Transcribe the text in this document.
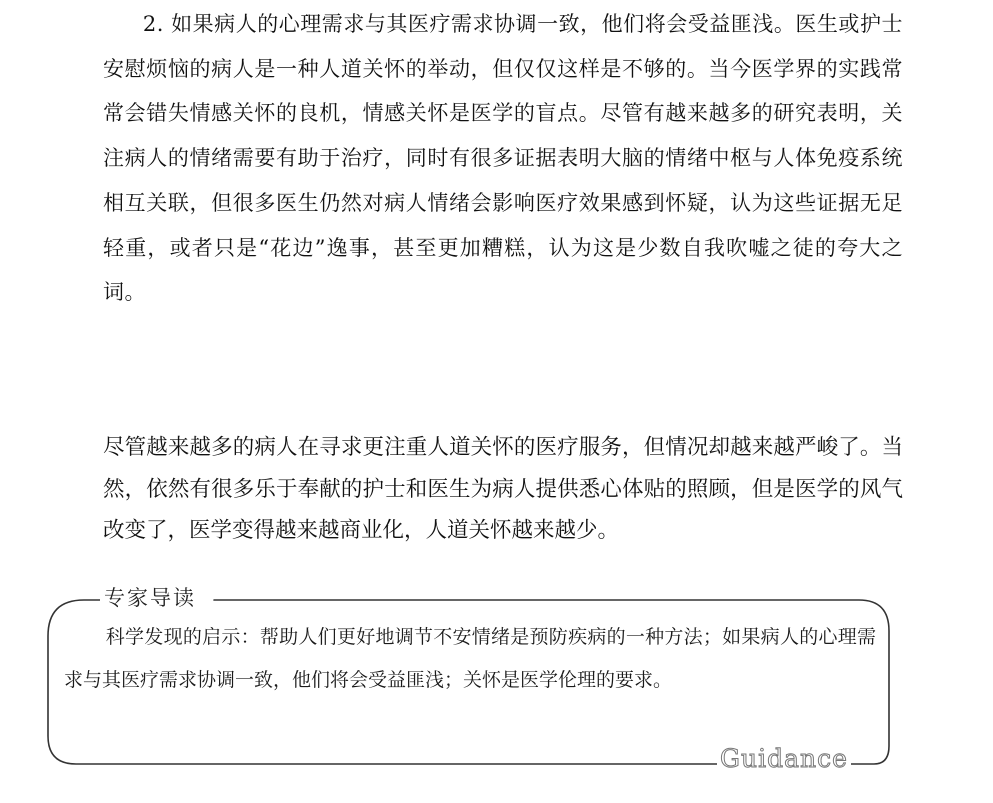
2. 如果病人的心理需求与其医疗需求协调一致，他们将会受益匪浅。医生或护士安慰烦恼的病人是一种人道关怀的举动，但仅仅这样是不够的。当今医学界的实践常常会错失情感关怀的良机，情感关怀是医学的盲点。尽管有越来越多的研究表明，关注病人的情绪需要有助于治疗，同时有很多证据表明大脑的情绪中枢与人体免疫系统相互关联，但很多医生仍然对病人情绪会影响医疗效果感到怀疑，认为这些证据无足轻重，或者只是“花边”逸事，甚至更加糟糕，认为这是少数自我吹嘘之徒的夸大之词。

尽管越来越多的病人在寻求更注重人道关怀的医疗服务，但情况却越来越严峻了。当然，依然有很多乐于奉献的护士和医生为病人提供悉心体贴的照顾，但是医学的风气改变了，医学变得越来越商业化，人道关怀越来越少。

专家导读

科学发现的启示：帮助人们更好地调节不安情绪是预防疾病的一种方法；如果病人的心理需求与其医疗需求协调一致，他们将会受益匪浅；关怀是医学伦理的要求。

Guidance
